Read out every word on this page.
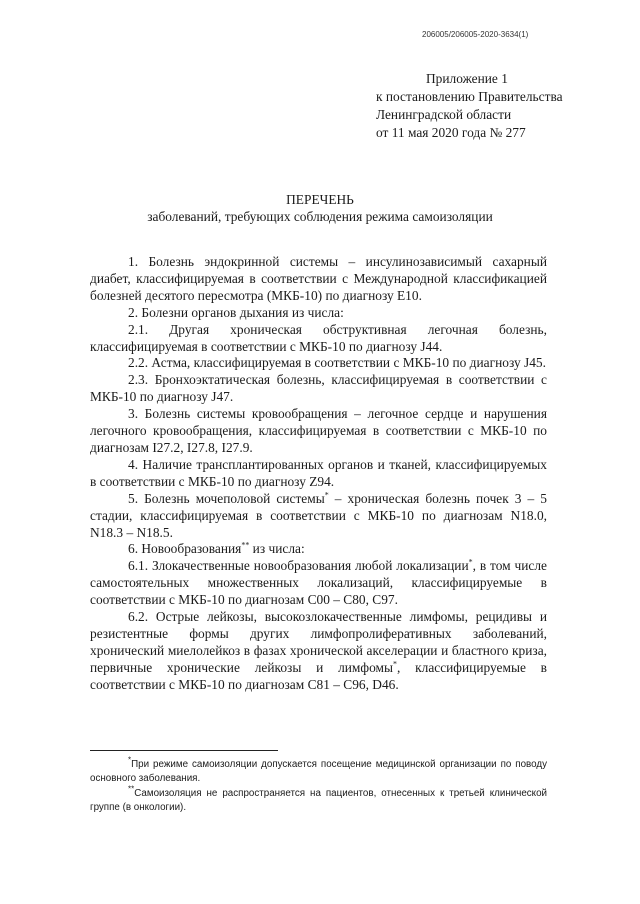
206005/206005-2020-3634(1)
Приложение 1
к постановлению Правительства
Ленинградской области
от 11 мая 2020 года № 277
ПЕРЕЧЕНЬ
заболеваний, требующих соблюдения режима самоизоляции

1. Болезнь эндокринной системы – инсулинозависимый сахарный диабет, классифицируемая в соответствии с Международной классификацией болезней десятого пересмотра (МКБ-10) по диагнозу Е10.

2. Болезни органов дыхания из числа:

2.1. Другая хроническая обструктивная легочная болезнь, классифицируемая в соответствии с МКБ-10 по диагнозу J44.

2.2. Астма, классифицируемая в соответствии с МКБ-10 по диагнозу J45.

2.3. Бронхоэктатическая болезнь, классифицируемая в соответствии с МКБ-10 по диагнозу J47.

3. Болезнь системы кровообращения – легочное сердце и нарушения легочного кровообращения, классифицируемая в соответствии с МКБ-10 по диагнозам I27.2, I27.8, I27.9.

4. Наличие трансплантированных органов и тканей, классифицируемых в соответствии с МКБ-10 по диагнозу Z94.

5. Болезнь мочеполовой системы* – хроническая болезнь почек 3 – 5 стадии, классифицируемая в соответствии с МКБ-10 по диагнозам N18.0, N18.3 – N18.5.

6. Новообразования** из числа:

6.1. Злокачественные новообразования любой локализации*, в том числе самостоятельных множественных локализаций, классифицируемые в соответствии с МКБ-10 по диагнозам С00 – С80, С97.

6.2. Острые лейкозы, высокозлокачественные лимфомы, рецидивы и резистентные формы других лимфопролиферативных заболеваний, хронический миелолейкоз в фазах хронической акселерации и бластного криза, первичные хронические лейкозы и лимфомы*, классифицируемые в соответствии с МКБ-10 по диагнозам С81 – С96, D46.

*При режиме самоизоляции допускается посещение медицинской организации по поводу основного заболевания.
**Самоизоляция не распространяется на пациентов, отнесенных к третьей клинической группе (в онкологии).
